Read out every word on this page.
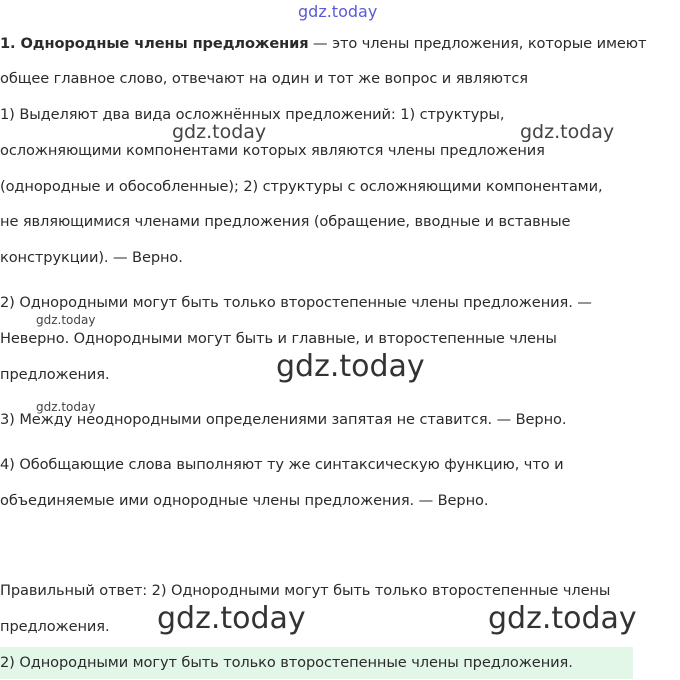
gdz.today
1. Однородные члены предложения — это члены предложения, которые имеют
общее главное слово, отвечают на один и тот же вопрос и являются
1) Выделяют два вида осложнённых предложений: 1) структуры,
gdz.today	gdz.today
осложняющими компонентами которых являются члены предложения
(однородные и обособленные); 2) структуры с осложняющими компонентами,
не являющимися членами предложения (обращение, вводные и вставные
конструкции). — Верно.
2) Однородными могут быть только второстепенные члены предложения. —
gdz.today
Неверно. Однородными могут быть и главные, и второстепенные члены
gdz.today
предложения.
gdz.today
3) Между неоднородными определениями запятая не ставится. — Верно.
4) Обобщающие слова выполняют ту же синтаксическую функцию, что и
объединяемые ими однородные члены предложения. — Верно.
Правильный ответ: 2) Однородными могут быть только второстепенные члены
gdz.today	gdz.today
предложения.
2) Однородными могут быть только второстепенные члены предложения.
